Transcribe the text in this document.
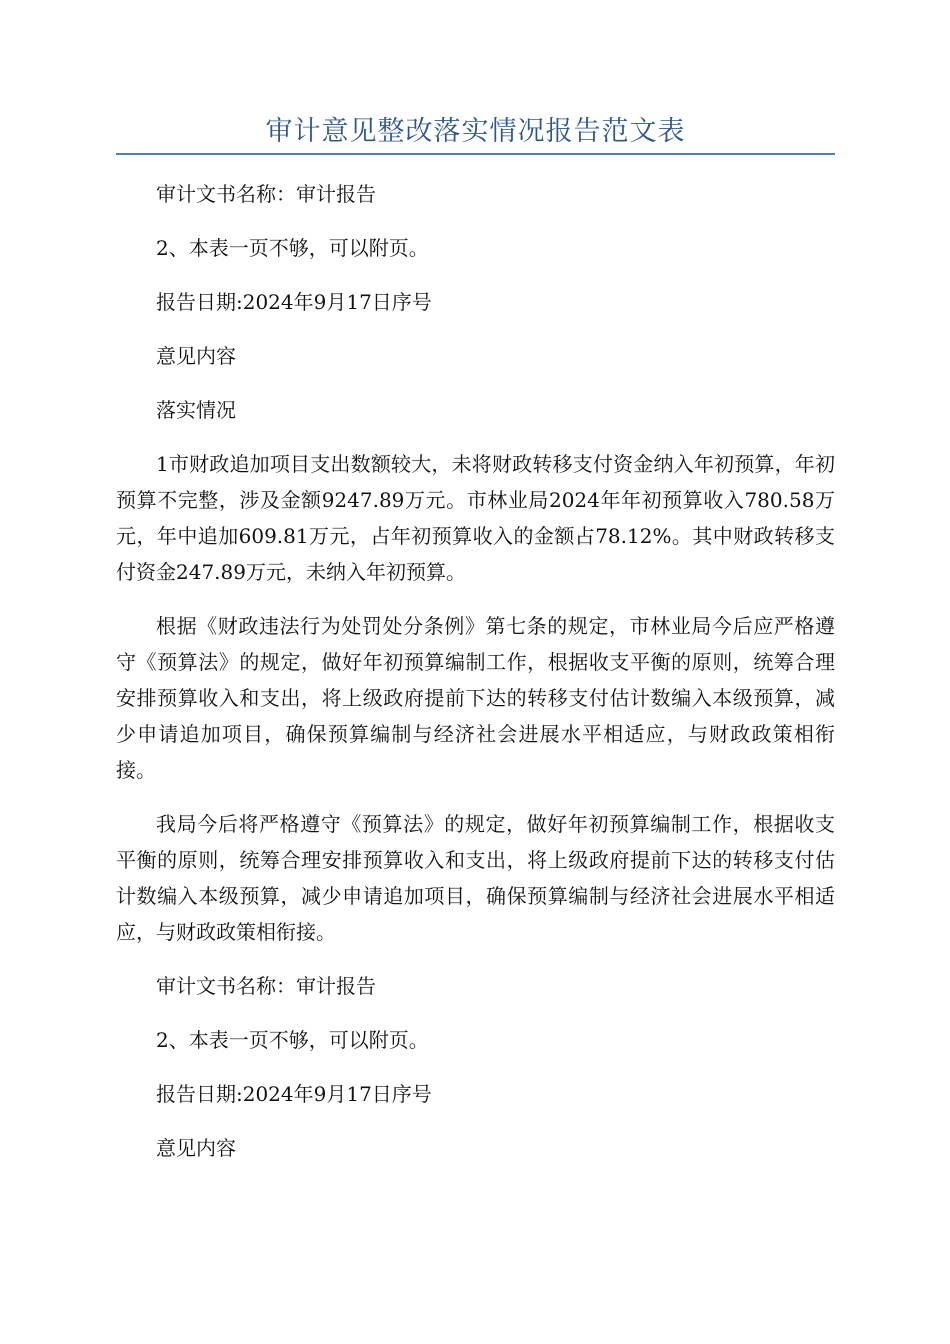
审计意见整改落实情况报告范文表

审计文书名称：审计报告

2、本表一页不够，可以附页。

报告日期:2024年9月17日序号

意见内容

落实情况

1市财政追加项目支出数额较大，未将财政转移支付资金纳入年初预算，年初预算不完整，涉及金额9247.89万元。市林业局2024年年初预算收入780.58万元，年中追加609.81万元，占年初预算收入的金额占78.12%。其中财政转移支付资金247.89万元，未纳入年初预算。

根据《财政违法行为处罚处分条例》第七条的规定，市林业局今后应严格遵守《预算法》的规定，做好年初预算编制工作，根据收支平衡的原则，统筹合理安排预算收入和支出，将上级政府提前下达的转移支付估计数编入本级预算，减少申请追加项目，确保预算编制与经济社会进展水平相适应，与财政政策相衔接。

我局今后将严格遵守《预算法》的规定，做好年初预算编制工作，根据收支平衡的原则，统筹合理安排预算收入和支出，将上级政府提前下达的转移支付估计数编入本级预算，减少申请追加项目，确保预算编制与经济社会进展水平相适应，与财政政策相衔接。

审计文书名称：审计报告

2、本表一页不够，可以附页。

报告日期:2024年9月17日序号

意见内容
